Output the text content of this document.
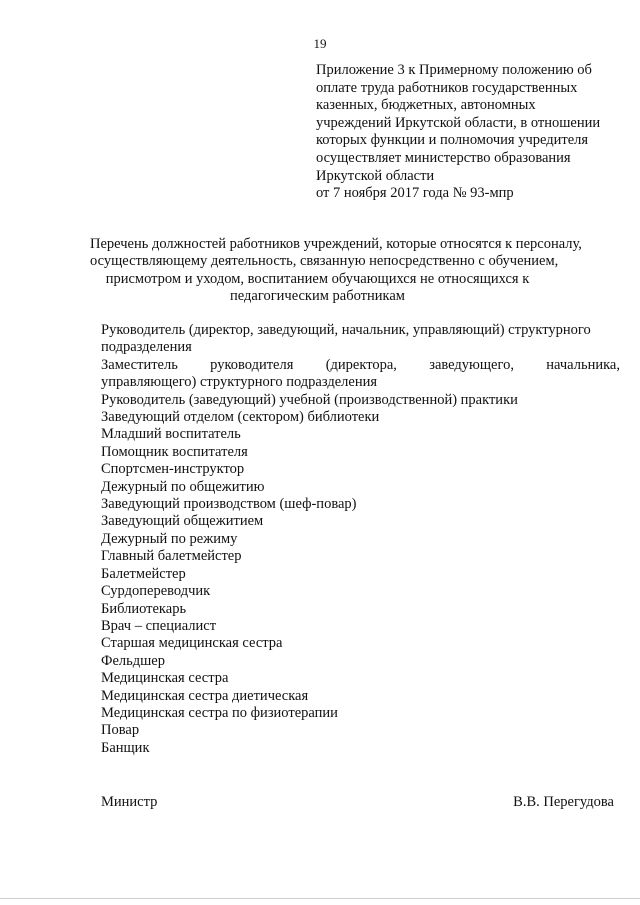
19
Приложение 3 к Примерному положению об
оплате труда работников государственных
казенных, бюджетных, автономных
учреждений Иркутской области, в отношении
которых функции и полномочия учредителя
осуществляет министерство образования
Иркутской области
от 7 ноября 2017 года № 93-мпр
Перечень должностей работников учреждений, которые относятся к персоналу,
осуществляющему деятельность, связанную непосредственно с обучением,
присмотром и уходом, воспитанием обучающихся не относящихся к
педагогическим работникам
Руководитель (директор, заведующий, начальник, управляющий) структурного
подразделения
Заместитель руководителя (директора, заведующего, начальника,
управляющего) структурного подразделения
Руководитель (заведующий) учебной (производственной) практики
Заведующий отделом (сектором) библиотеки
Младший воспитатель
Помощник воспитателя
Спортсмен-инструктор
Дежурный по общежитию
Заведующий производством (шеф-повар)
Заведующий общежитием
Дежурный по режиму
Главный балетмейстер
Балетмейстер
Сурдопереводчик
Библиотекарь
Врач – специалист
Старшая медицинская сестра
Фельдшер
Медицинская сестра
Медицинская сестра диетическая
Медицинская сестра по физиотерапии
Повар
Банщик
Министр	В.В. Перегудова
